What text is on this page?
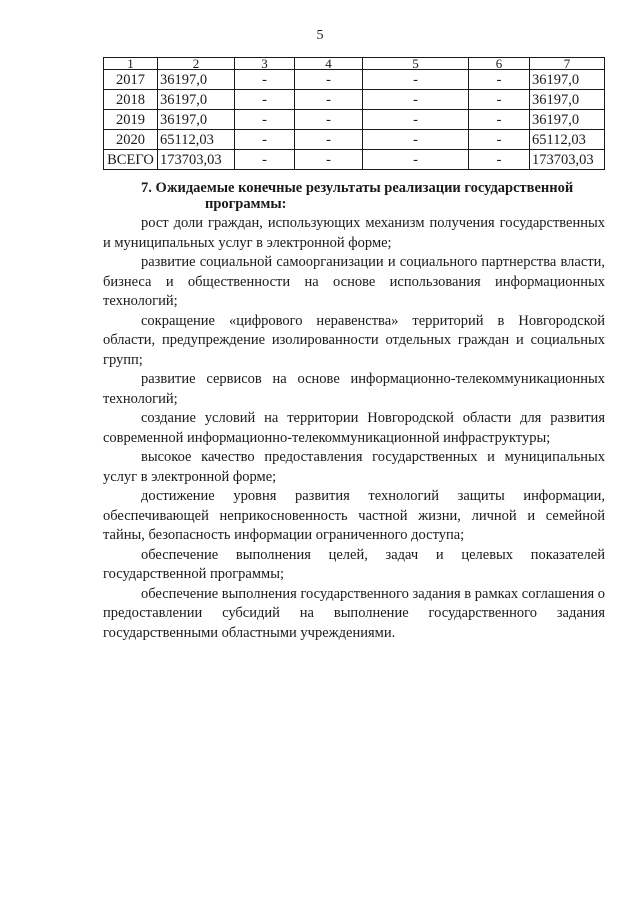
5
1	2	3	4	5	6	7
2017	36197,0	-	-	-	-	36197,0
2018	36197,0	-	-	-	-	36197,0
2019	36197,0	-	-	-	-	36197,0
2020	65112,03	-	-	-	-	65112,03
ВСЕГО	173703,03	-	-	-	-	173703,03
7. Ожидаемые конечные результаты реализации государственной
программы:
рост доли граждан, использующих механизм получения государственных и муниципальных услуг в электронной форме;
развитие социальной самоорганизации и социального партнерства власти, бизнеса и общественности на основе использования информационных технологий;
сокращение «цифрового неравенства» территорий в Новгородской области, предупреждение изолированности отдельных граждан и социальных групп;
развитие сервисов на основе информационно-телекоммуникационных технологий;
создание условий на территории Новгородской области для развития современной информационно-телекоммуникационной инфраструктуры;
высокое качество предоставления государственных и муниципальных услуг в электронной форме;
достижение уровня развития технологий защиты информации, обеспечивающей неприкосновенность частной жизни, личной и семейной тайны, безопасность информации ограниченного доступа;
обеспечение выполнения целей, задач и целевых показателей государственной программы;
обеспечение выполнения государственного задания в рамках соглашения о предоставлении субсидий на выполнение государственного задания государственными областными учреждениями.
